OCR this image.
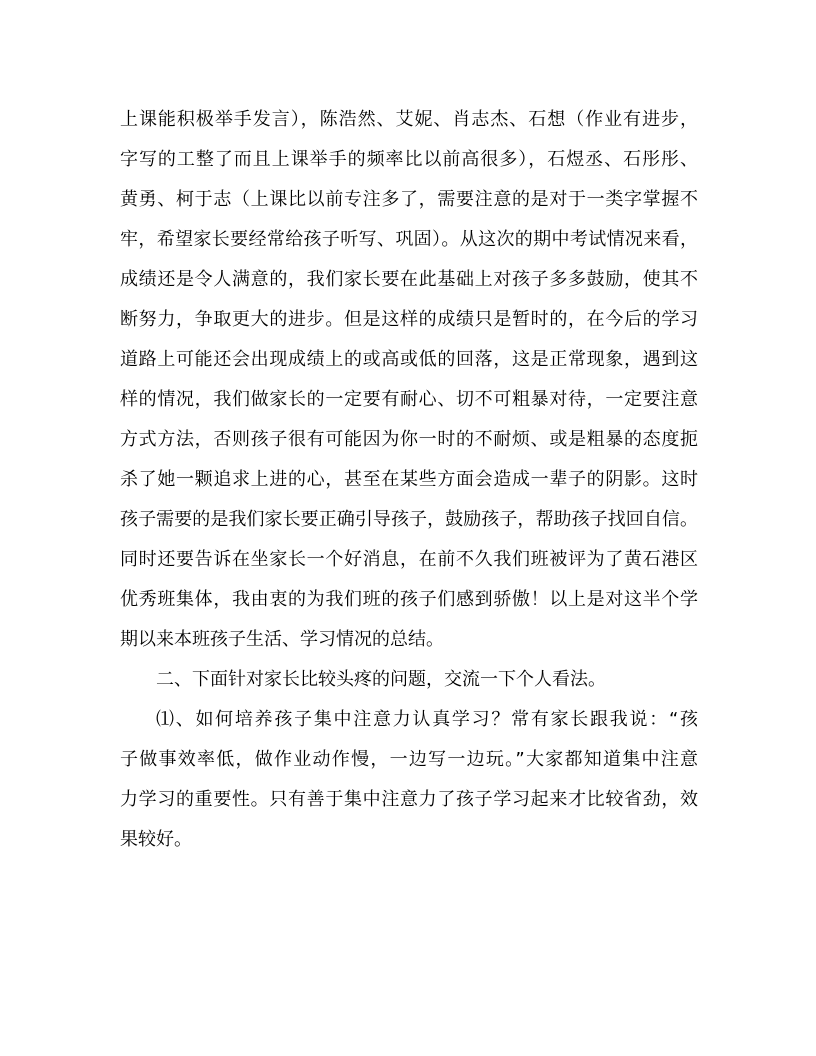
上课能积极举手发言），陈浩然、艾妮、肖志杰、石想（作业有进步，
字写的工整了而且上课举手的频率比以前高很多），石煜丞、石彤彤、
黄勇、柯于志（上课比以前专注多了，需要注意的是对于一类字掌握不
牢，希望家长要经常给孩子听写、巩固）。从这次的期中考试情况来看，
成绩还是令人满意的，我们家长要在此基础上对孩子多多鼓励，使其不
断努力，争取更大的进步。但是这样的成绩只是暂时的，在今后的学习
道路上可能还会出现成绩上的或高或低的回落，这是正常现象，遇到这
样的情况，我们做家长的一定要有耐心、切不可粗暴对待，一定要注意
方式方法，否则孩子很有可能因为你一时的不耐烦、或是粗暴的态度扼
杀了她一颗追求上进的心，甚至在某些方面会造成一辈子的阴影。这时
孩子需要的是我们家长要正确引导孩子，鼓励孩子，帮助孩子找回自信。
同时还要告诉在坐家长一个好消息，在前不久我们班被评为了黄石港区
优秀班集体，我由衷的为我们班的孩子们感到骄傲！以上是对这半个学
期以来本班孩子生活、学习情况的总结。
二、下面针对家长比较头疼的问题，交流一下个人看法。
⑴、如何培养孩子集中注意力认真学习？常有家长跟我说：“孩
子做事效率低，做作业动作慢，一边写一边玩。”大家都知道集中注意
力学习的重要性。只有善于集中注意力了孩子学习起来才比较省劲，效
果较好。
